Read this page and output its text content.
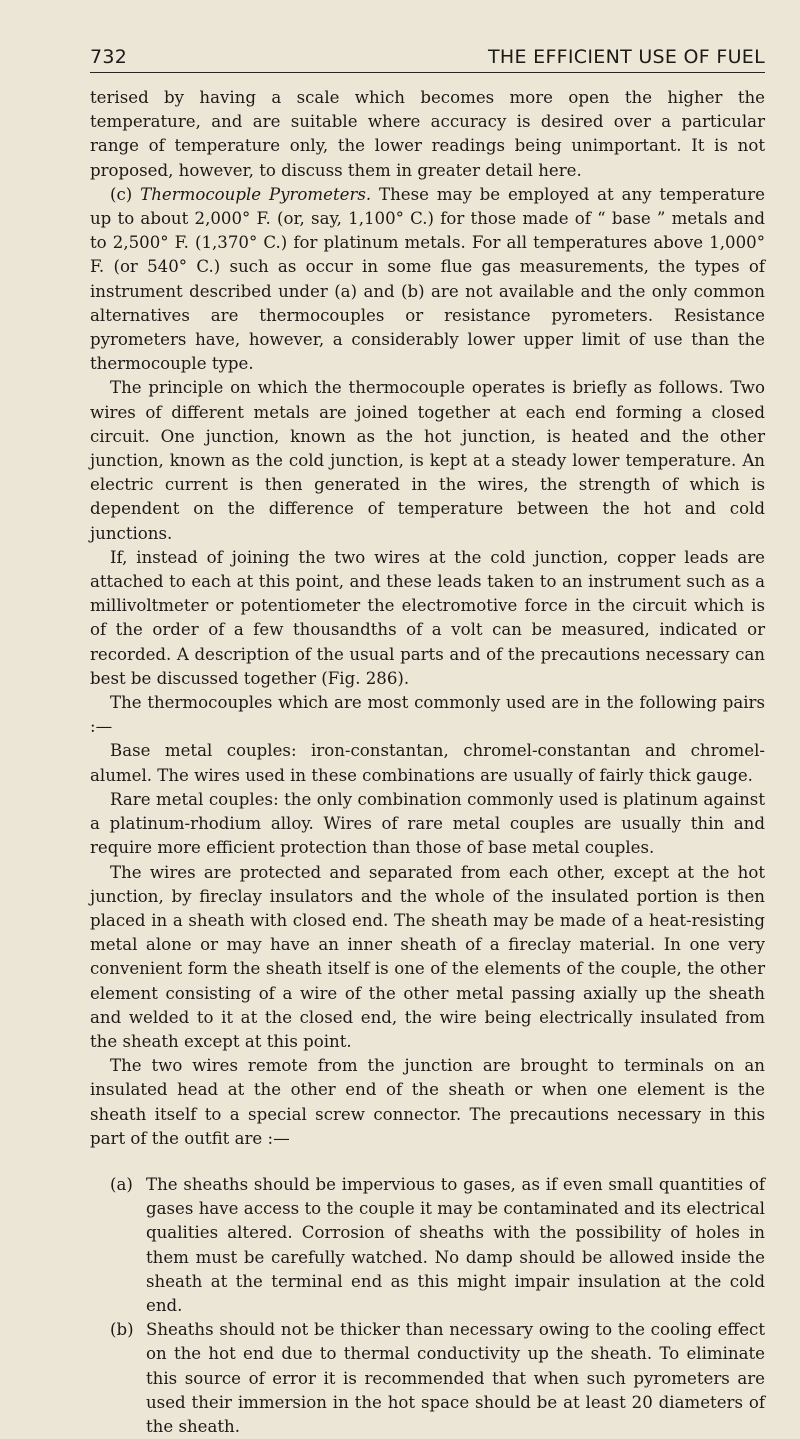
732	THE EFFICIENT USE OF FUEL

terised by having a scale which becomes more open the higher the temperature, and are suitable where accuracy is desired over a particular range of temperature only, the lower readings being unimportant. It is not proposed, however, to discuss them in greater detail here.

(c) Thermocouple Pyrometers. These may be employed at any temperature up to about 2,000° F. (or, say, 1,100° C.) for those made of “ base ” metals and to 2,500° F. (1,370° C.) for platinum metals. For all temperatures above 1,000° F. (or 540° C.) such as occur in some flue gas measurements, the types of instrument described under (a) and (b) are not available and the only common alternatives are thermocouples or resistance pyrometers. Resistance pyrometers have, however, a considerably lower upper limit of use than the thermocouple type.

The principle on which the thermocouple operates is briefly as follows. Two wires of different metals are joined together at each end forming a closed circuit. One junction, known as the hot junction, is heated and the other junction, known as the cold junction, is kept at a steady lower temperature. An electric current is then generated in the wires, the strength of which is dependent on the difference of temperature between the hot and cold junctions.

If, instead of joining the two wires at the cold junction, copper leads are attached to each at this point, and these leads taken to an instrument such as a millivoltmeter or potentiometer the electromotive force in the circuit which is of the order of a few thousandths of a volt can be measured, indicated or recorded. A description of the usual parts and of the precautions necessary can best be discussed together (Fig. 286).

The thermocouples which are most commonly used are in the following pairs :—

Base metal couples: iron-constantan, chromel-constantan and chromel-alumel. The wires used in these combinations are usually of fairly thick gauge.

Rare metal couples: the only combination commonly used is platinum against a platinum-rhodium alloy. Wires of rare metal couples are usually thin and require more efficient protection than those of base metal couples.

The wires are protected and separated from each other, except at the hot junction, by fireclay insulators and the whole of the insulated portion is then placed in a sheath with closed end. The sheath may be made of a heat-resisting metal alone or may have an inner sheath of a fireclay material. In one very convenient form the sheath itself is one of the elements of the couple, the other element consisting of a wire of the other metal passing axially up the sheath and welded to it at the closed end, the wire being electrically insulated from the sheath except at this point.

The two wires remote from the junction are brought to terminals on an insulated head at the other end of the sheath or when one element is the sheath itself to a special screw connector. The precautions necessary in this part of the outfit are :—

(a) The sheaths should be impervious to gases, as if even small quantities of gases have access to the couple it may be contaminated and its electrical qualities altered. Corrosion of sheaths with the possibility of holes in them must be carefully watched. No damp should be allowed inside the sheath at the terminal end as this might impair insulation at the cold end.
(b) Sheaths should not be thicker than necessary owing to the cooling effect on the hot end due to thermal conductivity up the sheath. To eliminate this source of error it is recommended that when such pyrometers are used their immersion in the hot space should be at least 20 diameters of the sheath.
